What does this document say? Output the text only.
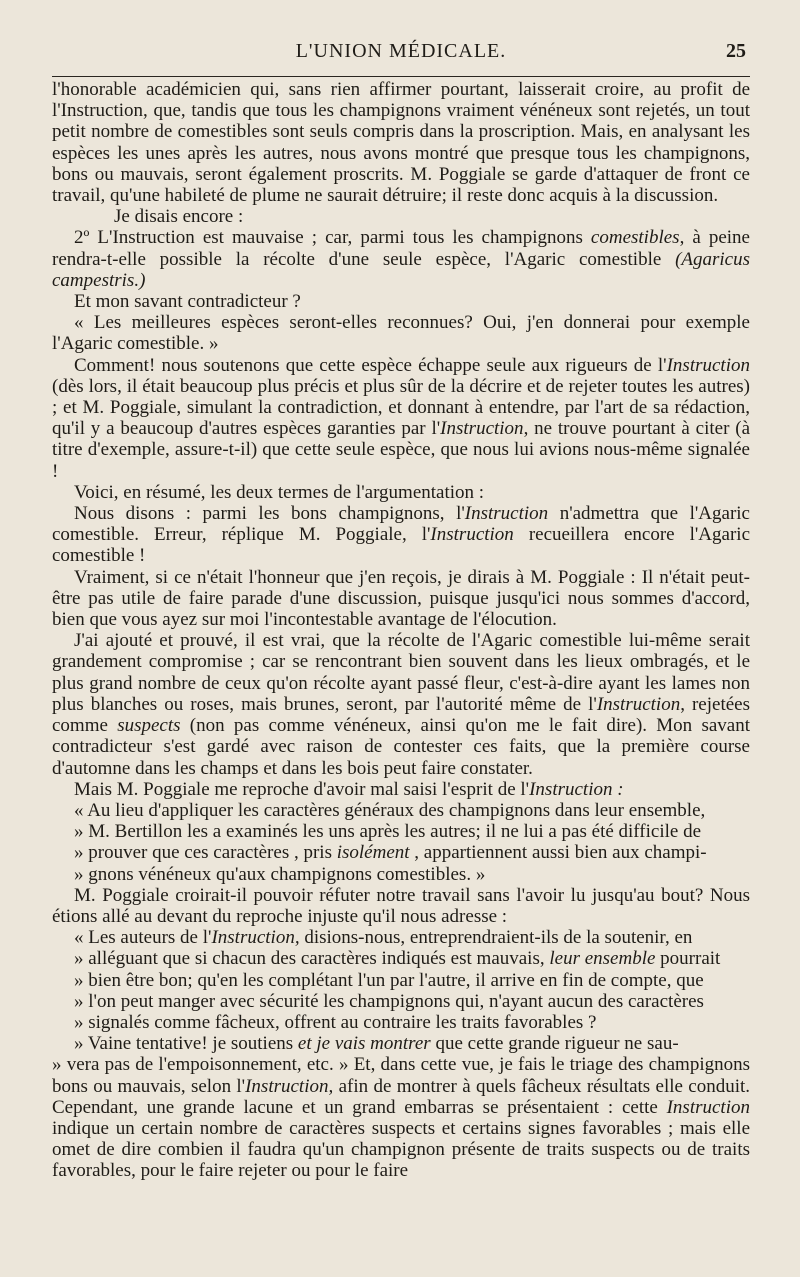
L'UNION MÉDICALE.	25

l'honorable académicien qui, sans rien affirmer pourtant, laisserait croire, au profit de l'Instruction, que, tandis que tous les champignons vraiment vénéneux sont rejetés, un tout petit nombre de comestibles sont seuls compris dans la proscription. Mais, en analysant les espèces les unes après les autres, nous avons montré que presque tous les champignons, bons ou mauvais, seront également proscrits. M. Poggiale se garde d'attaquer de front ce travail, qu'une habileté de plume ne saurait détruire; il reste donc acquis à la discussion.

Je disais encore :

2º L'Instruction est mauvaise ; car, parmi tous les champignons comestibles, à peine rendra-t-elle possible la récolte d'une seule espèce, l'Agaric comestible (Agaricus campestris.)

Et mon savant contradicteur ?

« Les meilleures espèces seront-elles reconnues? Oui, j'en donnerai pour exemple l'Agaric comestible. »

Comment! nous soutenons que cette espèce échappe seule aux rigueurs de l'Instruction (dès lors, il était beaucoup plus précis et plus sûr de la décrire et de rejeter toutes les autres) ; et M. Poggiale, simulant la contradiction, et donnant à entendre, par l'art de sa rédaction, qu'il y a beaucoup d'autres espèces garanties par l'Instruction, ne trouve pourtant à citer (à titre d'exemple, assure-t-il) que cette seule espèce, que nous lui avions nous-même signalée !

Voici, en résumé, les deux termes de l'argumentation :

Nous disons : parmi les bons champignons, l'Instruction n'admettra que l'Agaric comestible. Erreur, réplique M. Poggiale, l'Instruction recueillera encore l'Agaric comestible !

Vraiment, si ce n'était l'honneur que j'en reçois, je dirais à M. Poggiale : Il n'était peut-être pas utile de faire parade d'une discussion, puisque jusqu'ici nous sommes d'accord, bien que vous ayez sur moi l'incontestable avantage de l'élocution.

J'ai ajouté et prouvé, il est vrai, que la récolte de l'Agaric comestible lui-même serait grandement compromise ; car se rencontrant bien souvent dans les lieux ombragés, et le plus grand nombre de ceux qu'on récolte ayant passé fleur, c'est-à-dire ayant les lames non plus blanches ou roses, mais brunes, seront, par l'autorité même de l'Instruction, rejetées comme suspects (non pas comme vénéneux, ainsi qu'on me le fait dire). Mon savant contradicteur s'est gardé avec raison de contester ces faits, que la première course d'automne dans les champs et dans les bois peut faire constater.

Mais M. Poggiale me reproche d'avoir mal saisi l'esprit de l'Instruction :

« Au lieu d'appliquer les caractères généraux des champignons dans leur ensemble,

» M. Bertillon les a examinés les uns après les autres; il ne lui a pas été difficile de

» prouver que ces caractères , pris isolément , appartiennent aussi bien aux champi-

» gnons vénéneux qu'aux champignons comestibles. »

M. Poggiale croirait-il pouvoir réfuter notre travail sans l'avoir lu jusqu'au bout? Nous étions allé au devant du reproche injuste qu'il nous adresse :

« Les auteurs de l'Instruction, disions-nous, entreprendraient-ils de la soutenir, en

» alléguant que si chacun des caractères indiqués est mauvais, leur ensemble pourrait

» bien être bon; qu'en les complétant l'un par l'autre, il arrive en fin de compte, que

» l'on peut manger avec sécurité les champignons qui, n'ayant aucun des caractères

» signalés comme fâcheux, offrent au contraire les traits favorables ?

» Vaine tentative! je soutiens et je vais montrer que cette grande rigueur ne sau-

» vera pas de l'empoisonnement, etc. » Et, dans cette vue, je fais le triage des champignons bons ou mauvais, selon l'Instruction, afin de montrer à quels fâcheux résultats elle conduit. Cependant, une grande lacune et un grand embarras se présentaient : cette Instruction indique un certain nombre de caractères suspects et certains signes favorables ; mais elle omet de dire combien il faudra qu'un champignon présente de traits suspects ou de traits favorables, pour le faire rejeter ou pour le faire
